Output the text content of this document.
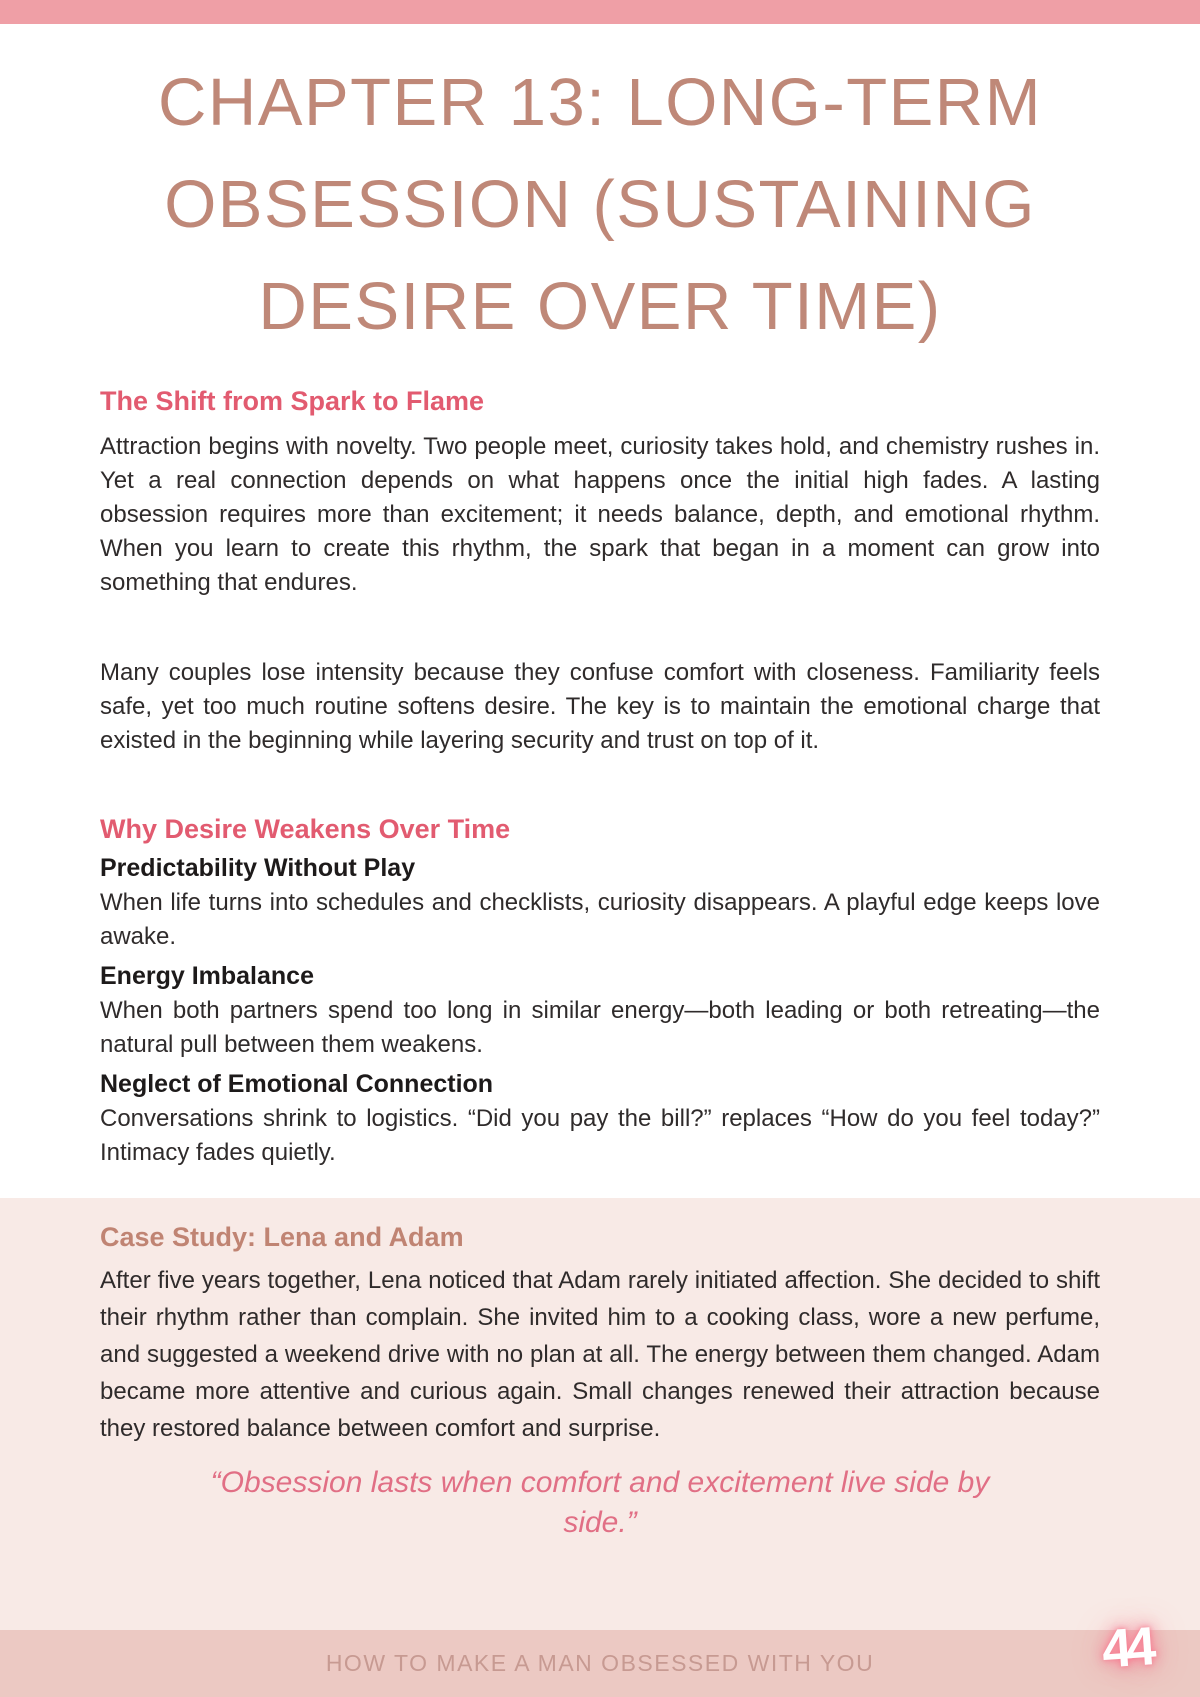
CHAPTER 13: LONG-TERM
OBSESSION (SUSTAINING
DESIRE OVER TIME)
The Shift from Spark to Flame

Attraction begins with novelty. Two people meet, curiosity takes hold, and chemistry rushes in. Yet a real connection depends on what happens once the initial high fades. A lasting obsession requires more than excitement; it needs balance, depth, and emotional rhythm. When you learn to create this rhythm, the spark that began in a moment can grow into something that endures.

Many couples lose intensity because they confuse comfort with closeness. Familiarity feels safe, yet too much routine softens desire. The key is to maintain the emotional charge that existed in the beginning while layering security and trust on top of it.

Why Desire Weakens Over Time
Predictability Without Play

When life turns into schedules and checklists, curiosity disappears. A playful edge keeps love awake.

Energy Imbalance

When both partners spend too long in similar energy—both leading or both retreating—the natural pull between them weakens.

Neglect of Emotional Connection

Conversations shrink to logistics. “Did you pay the bill?” replaces “How do you feel today?” Intimacy fades quietly.

Case Study: Lena and Adam

After five years together, Lena noticed that Adam rarely initiated affection. She decided to shift their rhythm rather than complain. She invited him to a cooking class, wore a new perfume, and suggested a weekend drive with no plan at all. The energy between them changed. Adam became more attentive and curious again. Small changes renewed their attraction because they restored balance between comfort and surprise.

“Obsession lasts when comfort and excitement live side by side.”

HOW TO MAKE A MAN OBSESSED WITH YOU	44
